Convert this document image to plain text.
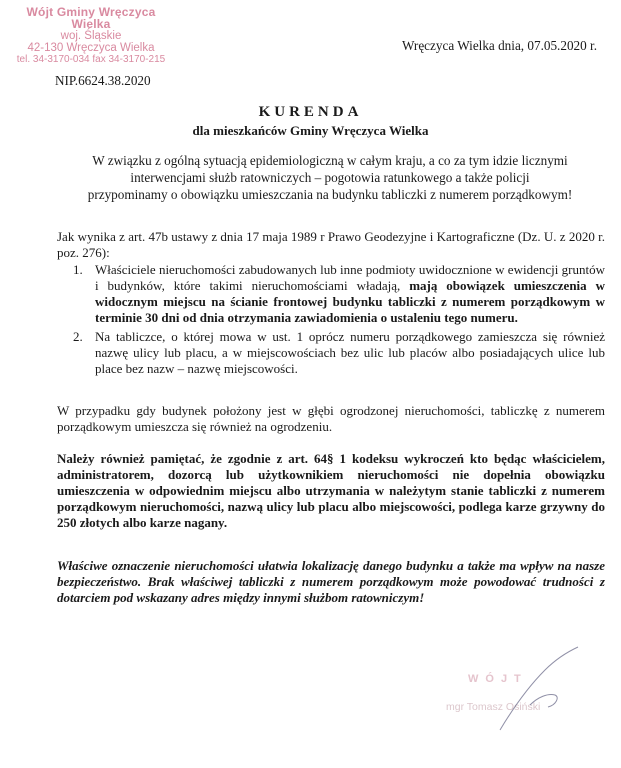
Wójt Gminy Wręczyca Wielka
woj. Śląskie
42-130 Wręczyca Wielka
tel. 34-3170-034 fax 34-3170-215
Wręczyca Wielka dnia, 07.05.2020 r.
NIP.6624.38.2020
KURENDA
dla mieszkańców Gminy Wręczyca Wielka
W związku z ogólną sytuacją epidemiologiczną w całym kraju, a co za tym idzie licznymi
interwencjami służb ratowniczych – pogotowia ratunkowego a także policji
przypominamy o obowiązku umieszczania na budynku tabliczki z numerem porządkowym!
Jak wynika z art. 47b ustawy z dnia 17 maja 1989 r Prawo Geodezyjne i Kartograficzne (Dz. U. z 2020 r. poz. 276):
1. Właściciele nieruchomości zabudowanych lub inne podmioty uwidocznione w ewidencji gruntów i budynków, które takimi nieruchomościami władają, mają obowiązek umieszczenia w widocznym miejscu na ścianie frontowej budynku tabliczki z numerem porządkowym w terminie 30 dni od dnia otrzymania zawiadomienia o ustaleniu tego numeru.
2. Na tabliczce, o której mowa w ust. 1 oprócz numeru porządkowego zamieszcza się również nazwę ulicy lub placu, a w miejscowościach bez ulic lub placów albo posiadających ulice lub place bez nazw – nazwę miejscowości.
W przypadku gdy budynek położony jest w głębi ogrodzonej nieruchomości, tabliczkę z numerem porządkowym umieszcza się również na ogrodzeniu.
Należy również pamiętać, że zgodnie z art. 64§ 1 kodeksu wykroczeń kto będąc właścicielem, administratorem, dozorcą lub użytkownikiem nieruchomości nie dopełnia obowiązku umieszczenia w odpowiednim miejscu albo utrzymania w należytym stanie tabliczki z numerem porządkowym nieruchomości, nazwą ulicy lub placu albo miejscowości, podlega karze grzywny do 250 złotych albo karze nagany.
Właściwe oznaczenie nieruchomości ułatwia lokalizację danego budynku a także ma wpływ na nasze bezpieczeństwo. Brak właściwej tabliczki z numerem porządkowym może powodować trudności z dotarciem pod wskazany adres między innymi służbom ratowniczym!
WÓJT
mgr Tomasz Osiński
